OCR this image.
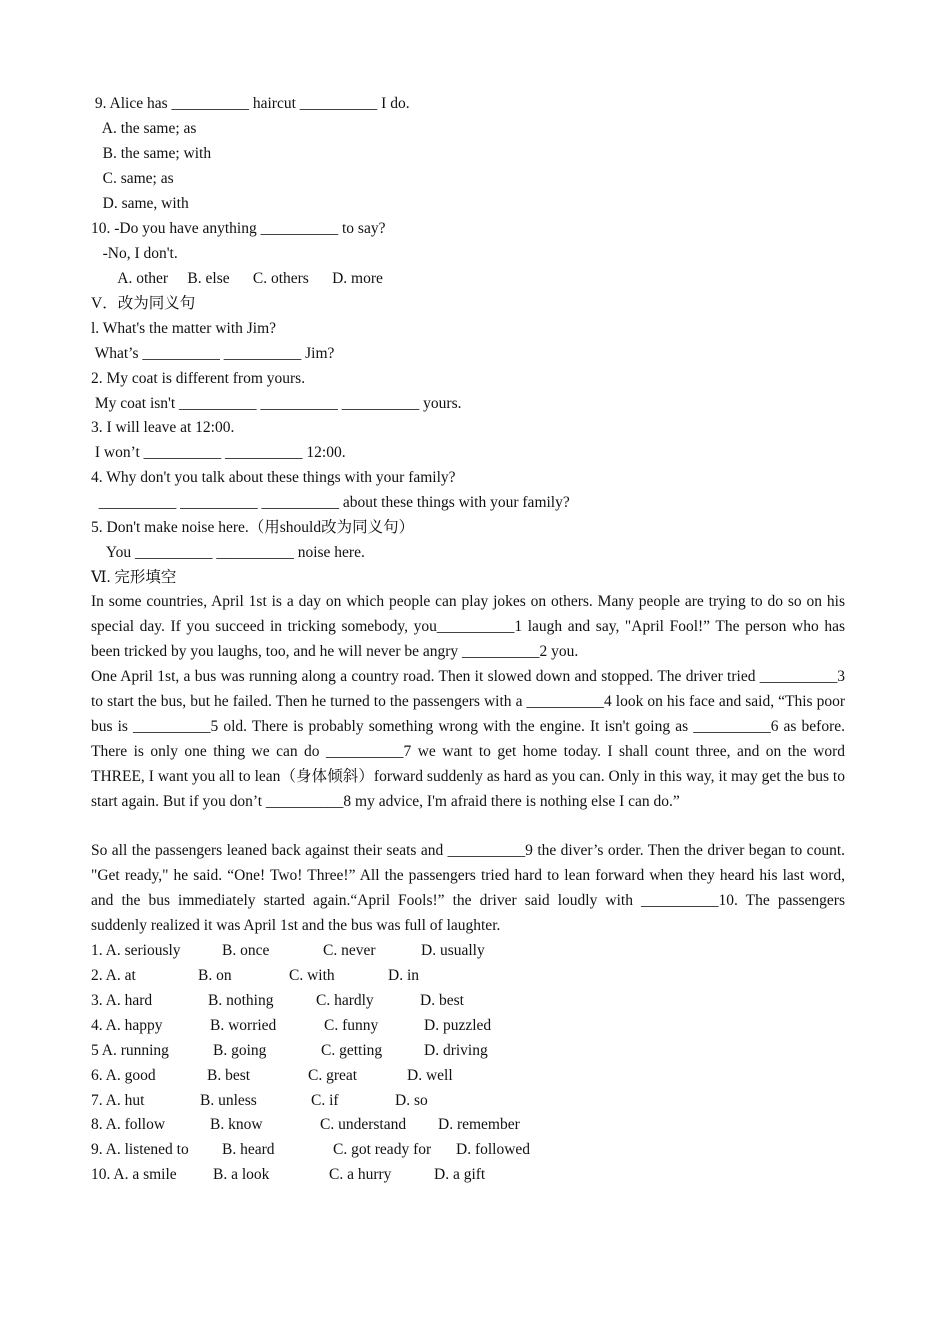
9. Alice has __________ haircut __________ I do.
A. the same; as
B. the same; with
C. same; as
D. same, with
10. -Do you have anything __________ to say?
-No, I don't.
A. other     B. else      C. others      D. more
V．改为同义句
l. What's the matter with Jim?
What’s __________ __________ Jim?
2. My coat is different from yours.
My coat isn't __________ __________ __________ yours.
3. I will leave at 12:00.
I won’t __________ __________ 12:00.
4. Why don't you talk about these things with your family?
__________ __________ __________ about these things with your family?
5. Don't make noise here.（用should改为同义句）
You __________ __________ noise here.
Ⅵ. 完形填空
In some countries, April 1st is a day on which people can play jokes on others. Many people are trying to do so on his special day. If you succeed in tricking somebody, you__________1 laugh and say, "April Fool!” The person who has been tricked by you laughs, too, and he will never be angry __________2 you.
One April 1st, a bus was running along a country road. Then it slowed down and stopped. The driver tried __________3 to start the bus, but he failed. Then he turned to the passengers with a __________4 look on his face and said, “This poor bus is __________5 old. There is probably something wrong with the engine. It isn't going as __________6 as before. There is only one thing we can do __________7 we want to get home today. I shall count three, and on the word THREE, I want you all to lean（身体倾斜）forward suddenly as hard as you can. Only in this way, it may get the bus to start again. But if you don’t __________8 my advice, I'm afraid there is nothing else I can do.”
So all the passengers leaned back against their seats and __________9 the diver’s order. Then the driver began to count. "Get ready," he said. “One! Two! Three!” All the passengers tried hard to lean forward when they heard his last word, and the bus immediately started again.“April Fools!” the driver said loudly with __________10. The passengers suddenly realized it was April 1st and the bus was full of laughter.

1. A. seriously

	B. once

	C. never

	D. usually

2. A. at

	B. on

	C. with

	D. in

3. A. hard

	B. nothing

	C. hardly

	D. best

4. A. happy

	B. worried

	C. funny

	D. puzzled

5 A. running

	B. going

	C. getting

	D. driving

6. A. good

	B. best

	C. great

	D. well

7. A. hut

	B. unless

	C. if

	D. so

8. A. follow

	B. know

	C. understand

D. remember

9. A. listened to

B. heard

	C. got ready for

D. followed

10. A. a smile

B. a look

	C. a hurry

	D. a gift
